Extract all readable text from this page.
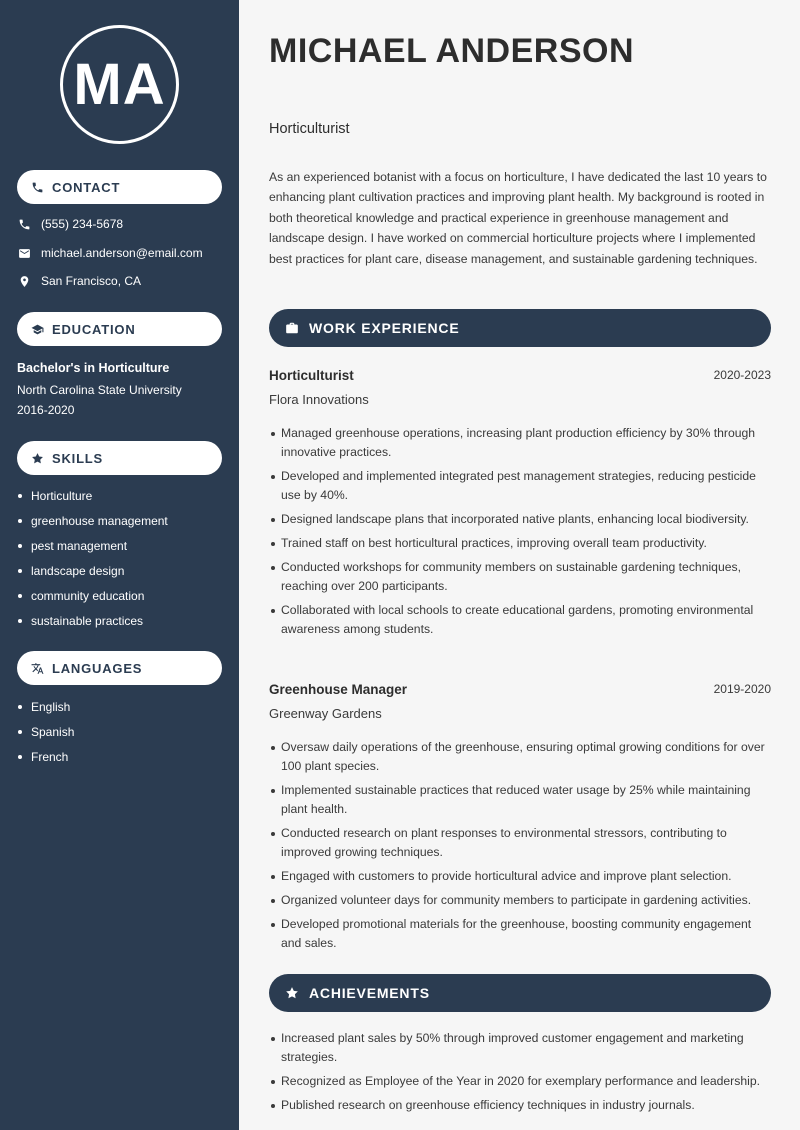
MA
CONTACT
(555) 234-5678
michael.anderson@email.com
San Francisco, CA
EDUCATION
Bachelor's in Horticulture
North Carolina State University
2016-2020
SKILLS
Horticulture
greenhouse management
pest management
landscape design
community education
sustainable practices
LANGUAGES
English
Spanish
French
MICHAEL ANDERSON
Horticulturist

As an experienced botanist with a focus on horticulture, I have dedicated the last 10 years to enhancing plant cultivation practices and improving plant health. My background is rooted in both theoretical knowledge and practical experience in greenhouse management and landscape design. I have worked on commercial horticulture projects where I implemented best practices for plant care, disease management, and sustainable gardening techniques.

WORK EXPERIENCE
Horticulturist	2020-2023
Flora Innovations
Managed greenhouse operations, increasing plant production efficiency by 30% through innovative practices.
Developed and implemented integrated pest management strategies, reducing pesticide use by 40%.
Designed landscape plans that incorporated native plants, enhancing local biodiversity.
Trained staff on best horticultural practices, improving overall team productivity.
Conducted workshops for community members on sustainable gardening techniques, reaching over 200 participants.
Collaborated with local schools to create educational gardens, promoting environmental awareness among students.
Greenhouse Manager	2019-2020
Greenway Gardens
Oversaw daily operations of the greenhouse, ensuring optimal growing conditions for over 100 plant species.
Implemented sustainable practices that reduced water usage by 25% while maintaining plant health.
Conducted research on plant responses to environmental stressors, contributing to improved growing techniques.
Engaged with customers to provide horticultural advice and improve plant selection.
Organized volunteer days for community members to participate in gardening activities.
Developed promotional materials for the greenhouse, boosting community engagement and sales.
ACHIEVEMENTS
Increased plant sales by 50% through improved customer engagement and marketing strategies.
Recognized as Employee of the Year in 2020 for exemplary performance and leadership.
Published research on greenhouse efficiency techniques in industry journals.
